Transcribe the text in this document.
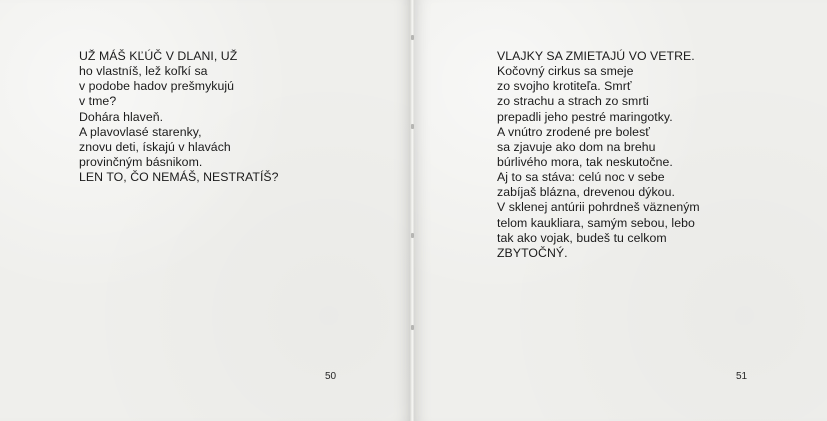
UŽ MÁŠ KĽÚČ V DLANI, UŽ
ho vlastníš, lež koľkí sa
v podobe hadov prešmykujú
v tme?
Dohára hlaveň.
A plavovlasé starenky,
znovu deti, ískajú v hlavách
provinčným básnikom.
LEN TO, ČO NEMÁŠ, NESTRATÍŠ?
50
VLAJKY SA ZMIETAJÚ VO VETRE.
Kočovný cirkus sa smeje
zo svojho krotiteľa. Smrť
zo strachu a strach zo smrti
prepadli jeho pestré maringotky.
A vnútro zrodené pre bolesť
sa zjavuje ako dom na brehu
búrlivého mora, tak neskutočne.
Aj to sa stáva: celú noc v sebe
zabíjaš blázna, drevenou dýkou.
V sklenej antúrii pohrdneš väzneným
telom kaukliara, samým sebou, lebo
tak ako vojak, budeš tu celkom
ZBYTOČNÝ.
51
